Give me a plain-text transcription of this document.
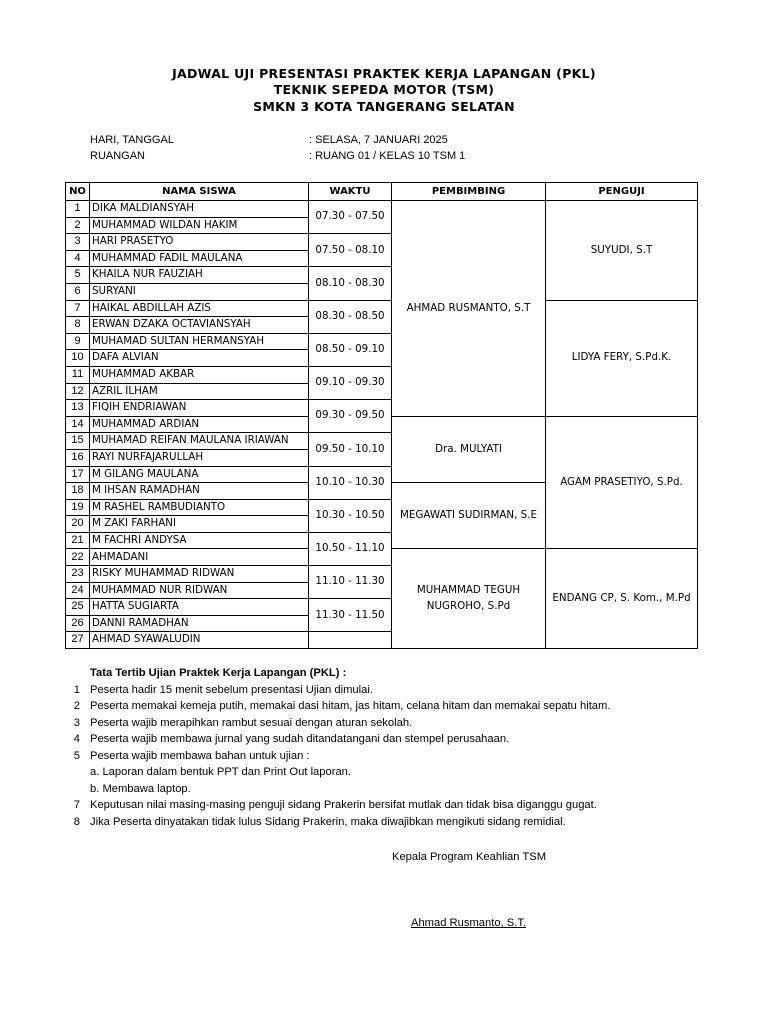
JADWAL UJI PRESENTASI PRAKTEK KERJA LAPANGAN (PKL)
TEKNIK SEPEDA MOTOR (TSM)
SMKN 3 KOTA TANGERANG SELATAN
HARI, TANGGAL	: SELASA, 7 JANUARI 2025
RUANGAN	: RUANG 01 / KELAS 10 TSM 1
NO	NAMA SISWA	WAKTU	PEMBIMBING	PENGUJI
1	DIKA MALDIANSYAH	07.30 - 07.50	AHMAD RUSMANTO, S.T	SUYUDI, S.T
2	MUHAMMAD WILDAN HAKIM			
3	HARI PRASETYO	07.50 - 08.10		
4	MUHAMMAD FADIL MAULANA			
5	KHAILA NUR FAUZIAH	08.10 - 08.30		
6	SURYANI			
7	HAIKAL ABDILLAH AZIS	08.30 - 08.50		LIDYA FERY, S.Pd.K.
8	ERWAN DZAKA OCTAVIANSYAH			
9	MUHAMAD SULTAN HERMANSYAH	08.50 - 09.10		
10	DAFA ALVIAN			
11	MUHAMMAD AKBAR	09.10 - 09.30		
12	AZRIL ILHAM			
13	FIQIH ENDRIAWAN	09.30 - 09.50		
14	MUHAMMAD ARDIAN		Dra. MULYATI	AGAM PRASETIYO, S.Pd.
15	MUHAMAD REIFAN MAULANA IRIAWAN	09.50 - 10.10		
16	RAYI NURFAJARULLAH			
17	M GILANG MAULANA	10.10 - 10.30		
18	M IHSAN RAMADHAN		MEGAWATI SUDIRMAN, S.E	
19	M RASHEL RAMBUDIANTO	10.30 - 10.50		
20	M ZAKI FARHANI			
21	M FACHRI ANDYSA	10.50 - 11.10		
22	AHMADANI		MUHAMMAD TEGUH NUGROHO, S.Pd	ENDANG CP, S. Kom., M.Pd
23	RISKY MUHAMMAD RIDWAN	11.10 - 11.30		
24	MUHAMMAD NUR RIDWAN			
25	HATTA SUGIARTA	11.30 - 11.50		
26	DANNI RAMADHAN			
27	AHMAD SYAWALUDIN			
Tata Tertib Ujian Praktek Kerja Lapangan (PKL) :
1 Peserta hadir 15 menit sebelum presentasi Ujian dimulai.
2 Peserta memakai kemeja putih, memakai dasi hitam, jas hitam, celana hitam dan memakai sepatu hitam.
3 Peserta wajib merapihkan rambut sesuai dengan aturan sekolah.
4 Peserta wajib membawa jurnal yang sudah ditandatangani dan stempel perusahaan.
5 Peserta wajib membawa bahan untuk ujian :
a. Laporan dalam bentuk PPT dan Print Out laporan.
b. Membawa laptop.
7 Keputusan nilai masing-masing penguji sidang Prakerin bersifat mutlak dan tidak bisa diganggu gugat.
8 Jika Peserta dinyatakan tidak lulus Sidang Prakerin, maka diwajibkan mengikuti sidang remidial.
Kepala Program Keahlian TSM
Ahmad Rusmanto, S.T.
